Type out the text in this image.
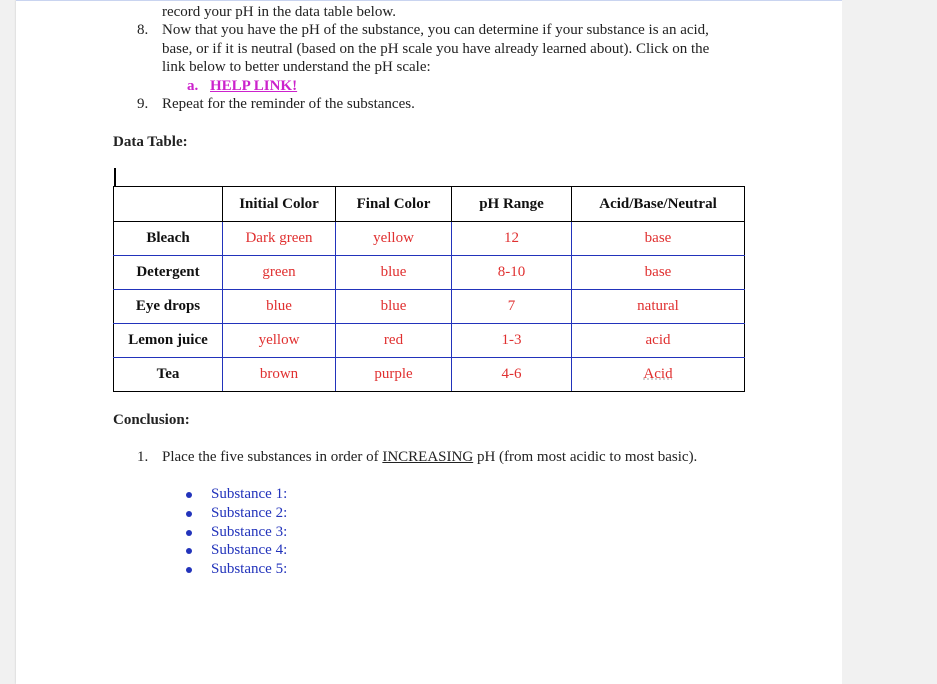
record your pH in the data table below.
8. Now that you have the pH of the substance, you can determine if your substance is an acid,
base, or if it is neutral (based on the pH scale you have already learned about). Click on the
link below to better understand the pH scale:
a. HELP LINK!
9. Repeat for the reminder of the substances.
Data Table:
	Initial Color	Final Color	pH Range	Acid/Base/Neutral
Bleach	Dark green	yellow	12	base
Detergent	green	blue	8-10	base
Eye drops	blue	blue	7	natural
Lemon juice	yellow	red	1-3	acid
Tea	brown	purple	4-6	Acid
Conclusion:
1. Place the five substances in order of INCREASING pH (from most acidic to most basic).
Substance 1:
Substance 2:
Substance 3:
Substance 4:
Substance 5:
